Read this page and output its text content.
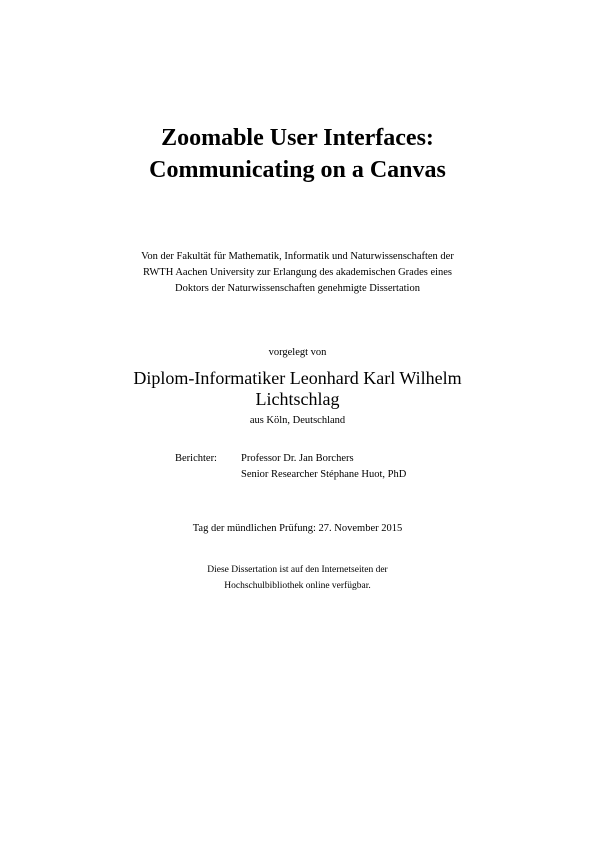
Zoomable User Interfaces:
Communicating on a Canvas
Von der Fakultät für Mathematik, Informatik und Naturwissenschaften der
RWTH Aachen University zur Erlangung des akademischen Grades eines
Doktors der Naturwissenschaften genehmigte Dissertation
vorgelegt von
Diplom-Informatiker Leonhard Karl Wilhelm
Lichtschlag
aus Köln, Deutschland
Berichter: Professor Dr. Jan Borchers
Senior Researcher Stéphane Huot, PhD
Tag der mündlichen Prüfung: 27. November 2015
Diese Dissertation ist auf den Internetseiten der
Hochschulbibliothek online verfügbar.
